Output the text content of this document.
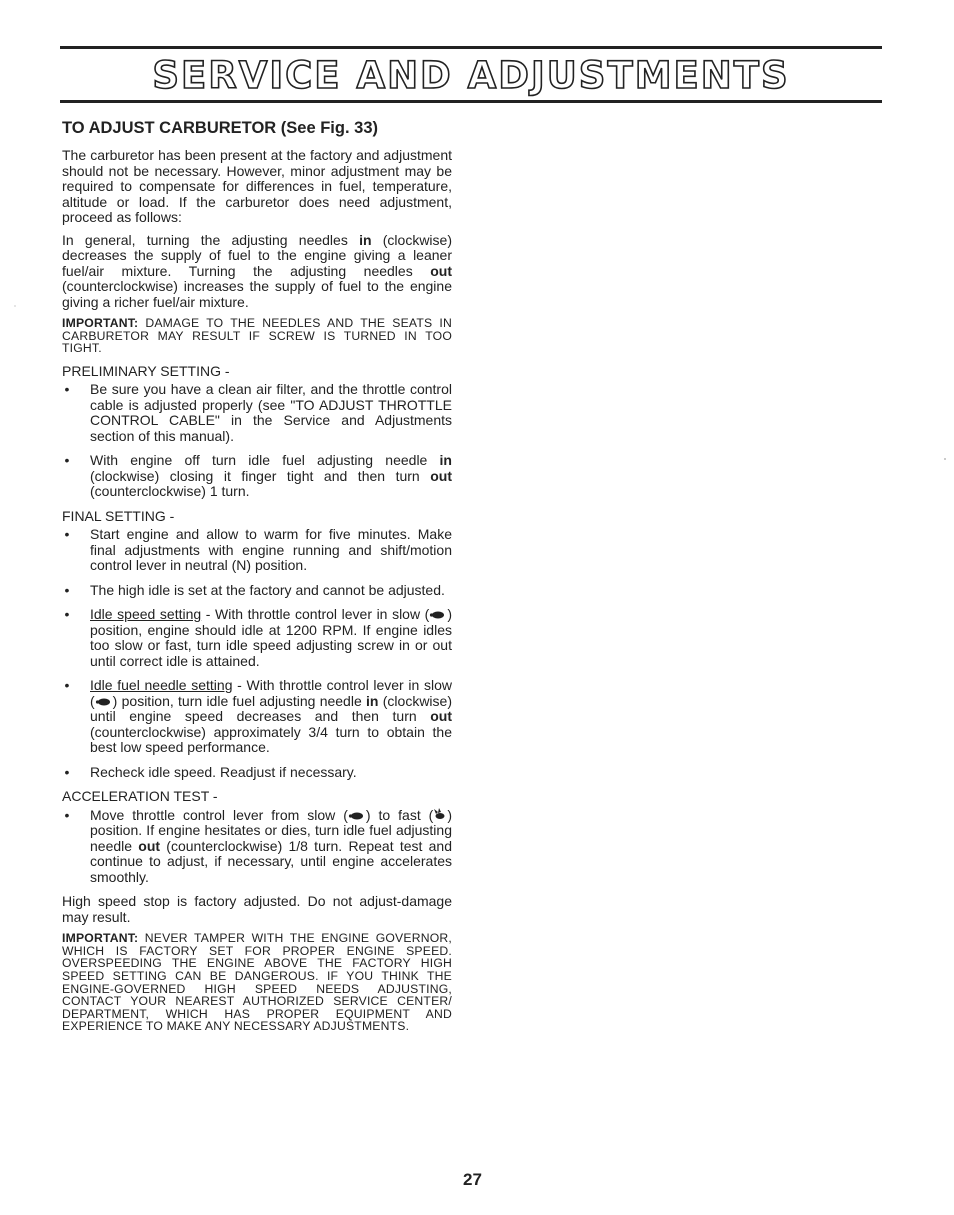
SERVICE AND ADJUSTMENTS
TO ADJUST CARBURETOR (See Fig. 33)

The carburetor has been present at the factory and adjustment should not be necessary. However, minor adjustment may be required to compensate for differences in fuel, temperature, altitude or load. If the carburetor does need adjustment, proceed as follows:

In general, turning the adjusting needles in (clockwise) decreases the supply of fuel to the engine giving a leaner fuel/air mixture. Turning the adjusting needles out (counterclockwise) increases the supply of fuel to the engine giving a richer fuel/air mixture.

IMPORTANT: DAMAGE TO THE NEEDLES AND THE SEATS IN CARBURETOR MAY RESULT IF SCREW IS TURNED IN TOO TIGHT.

PRELIMINARY SETTING -
• Be sure you have a clean air filter, and the throttle control cable is adjusted properly (see "TO ADJUST THROTTLE CONTROL CABLE" in the Service and Adjustments section of this manual).
• With engine off turn idle fuel adjusting needle in (clockwise) closing it finger tight and then turn out (counterclockwise) 1 turn.
FINAL SETTING -
• Start engine and allow to warm for five minutes. Make final adjustments with engine running and shift/motion control lever in neutral (N) position.
• The high idle is set at the factory and cannot be adjusted.
• Idle speed setting - With throttle control lever in slow ( ) position, engine should idle at 1200 RPM. If engine idles too slow or fast, turn idle speed adjusting screw in or out until correct idle is attained.
• Idle fuel needle setting - With throttle control lever in slow ( ) position, turn idle fuel adjusting needle in (clockwise) until engine speed decreases and then turn out (counterclockwise) approximately 3/4 turn to obtain the best low speed performance.
• Recheck idle speed. Readjust if necessary.
ACCELERATION TEST -
• Move throttle control lever from slow ( ) to fast ( ) position. If engine hesitates or dies, turn idle fuel adjusting needle out (counterclockwise) 1/8 turn. Repeat test and continue to adjust, if necessary, until engine accelerates smoothly.

High speed stop is factory adjusted. Do not adjust-damage may result.

IMPORTANT: NEVER TAMPER WITH THE ENGINE GOVERNOR, WHICH IS FACTORY SET FOR PROPER ENGINE SPEED. OVERSPEEDING THE ENGINE ABOVE THE FACTORY HIGH SPEED SETTING CAN BE DANGEROUS. IF YOU THINK THE ENGINE-GOVERNED HIGH SPEED NEEDS ADJUSTING, CONTACT YOUR NEAREST AUTHORIZED SERVICE CENTER/ DEPARTMENT, WHICH HAS PROPER EQUIPMENT AND EXPERIENCE TO MAKE ANY NECESSARY ADJUSTMENTS.

27
